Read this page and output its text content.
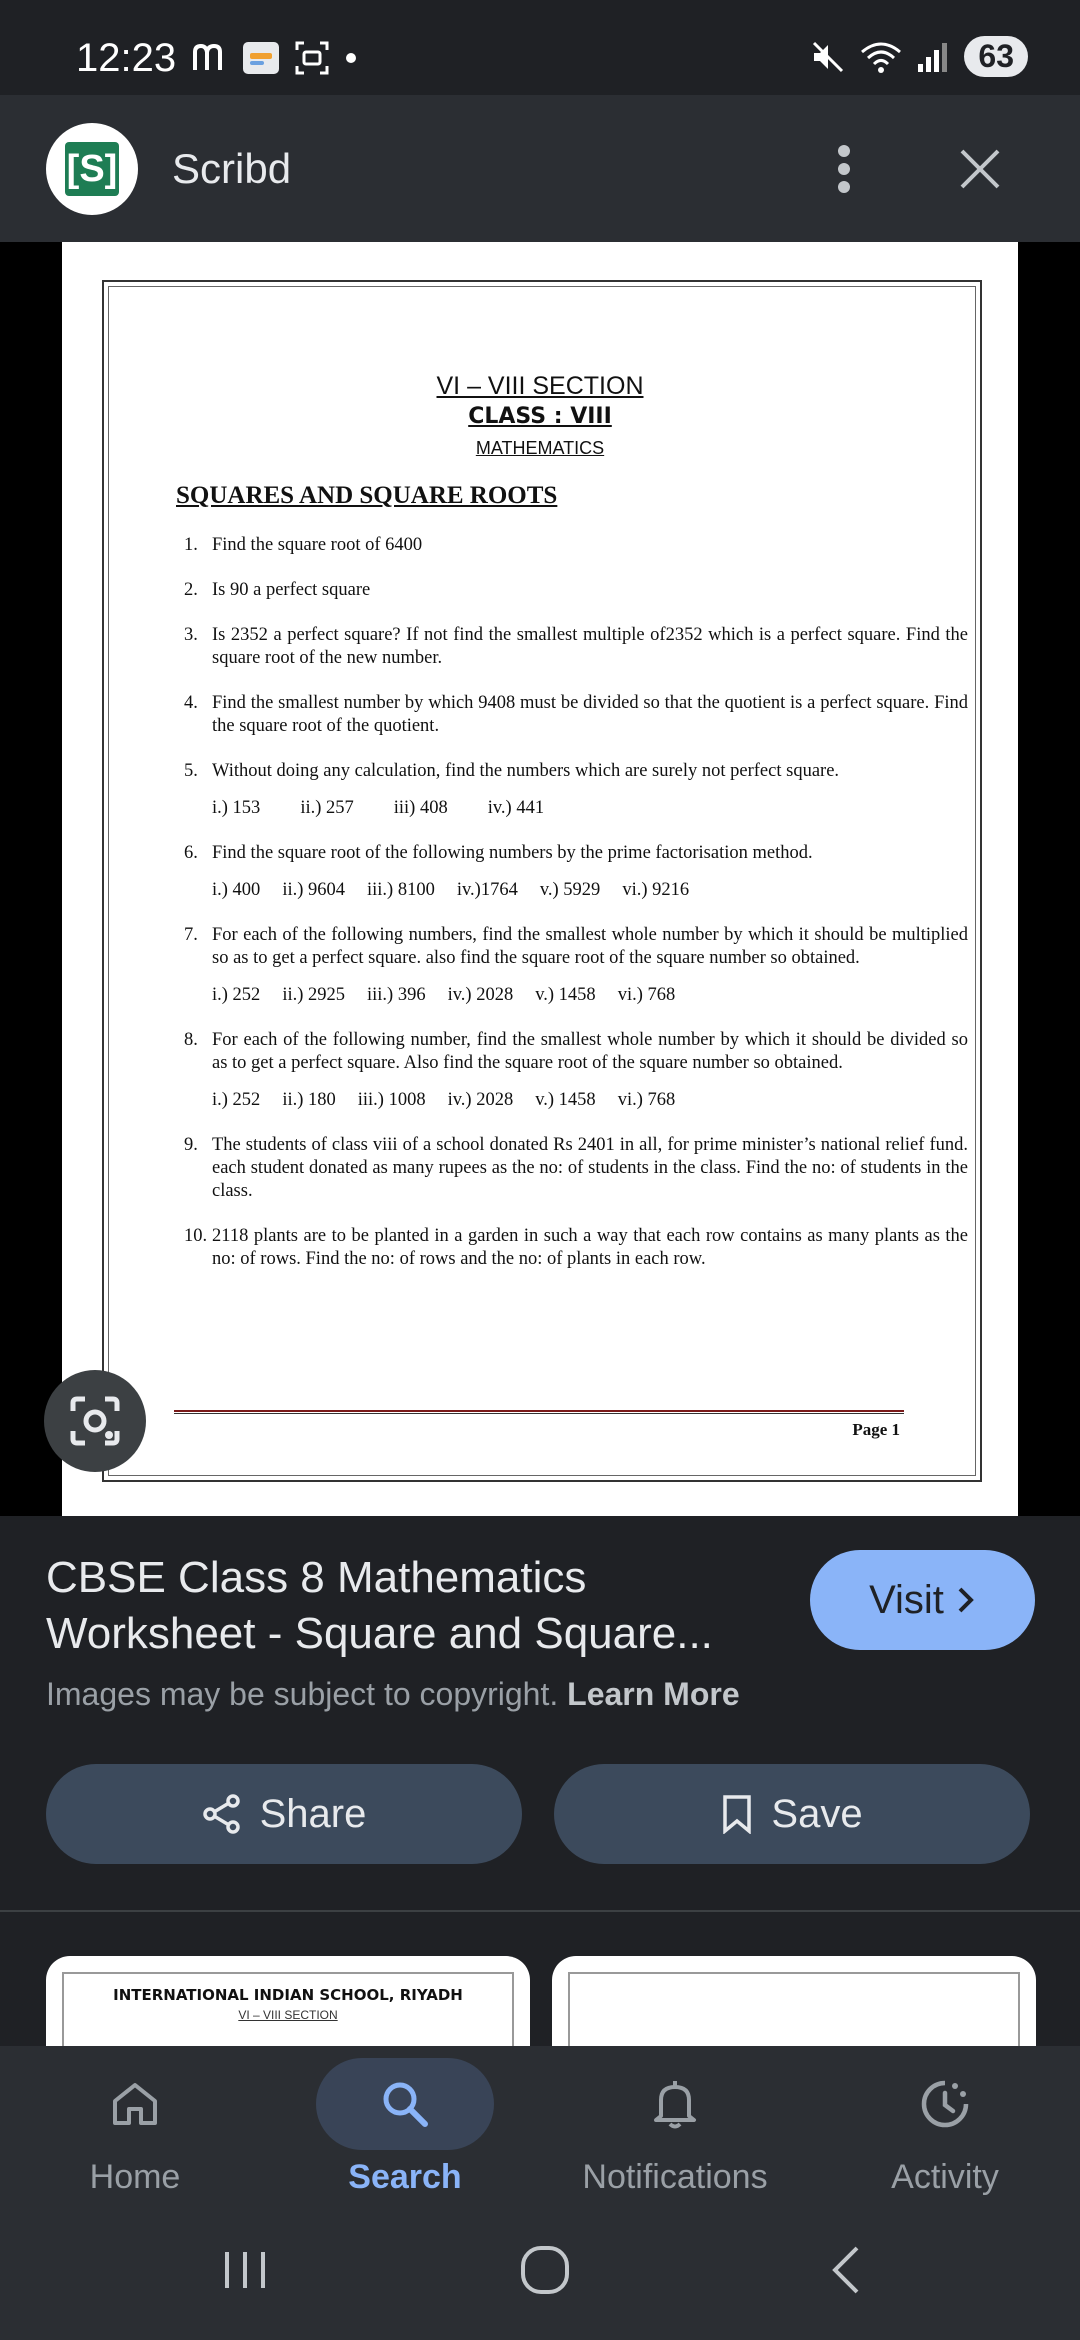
12:23	63
[S] Scribd
VI – VIII SECTION
CLASS : VIII
MATHEMATICS
SQUARES AND SQUARE ROOTS
1. Find the square root of 6400
2. Is 90 a perfect square
3. Is 2352 a perfect square? If not find the smallest multiple of2352 which is a perfect square. Find the square root of the new number.
4. Find the smallest number by which 9408 must be divided so that the quotient is a perfect square. Find the square root of the quotient.
5. Without doing any calculation, find the numbers which are surely not perfect square.
i.) 153 ii.) 257 iii) 408 iv.) 441
6. Find the square root of the following numbers by the prime factorisation method.
i.) 400 ii.) 9604 iii.) 8100 iv.)1764 v.) 5929 vi.) 9216
7. For each of the following numbers, find the smallest whole number by which it should be multiplied so as to get a perfect square. also find the square root of the square number so obtained.
i.) 252 ii.) 2925 iii.) 396 iv.) 2028 v.) 1458 vi.) 768
8. For each of the following number, find the smallest whole number by which it should be divided so as to get a perfect square. Also find the square root of the square number so obtained.
i.) 252 ii.) 180 iii.) 1008 iv.) 2028 v.) 1458 vi.) 768
9. The students of class viii of a school donated Rs 2401 in all, for prime minister’s national relief fund. each student donated as many rupees as the no: of students in the class. Find the no: of students in the class.
10. 2118 plants are to be planted in a garden in such a way that each row contains as many plants as the no: of rows. Find the no: of rows and the no: of plants in each row.
Page 1
CBSE Class 8 Mathematics Worksheet - Square and Square...
Visit
Images may be subject to copyright. Learn More
Share	Save
INTERNATIONAL INDIAN SCHOOL, RIYADH
VI – VIII SECTION
Home	Search	Notifications	Activity
